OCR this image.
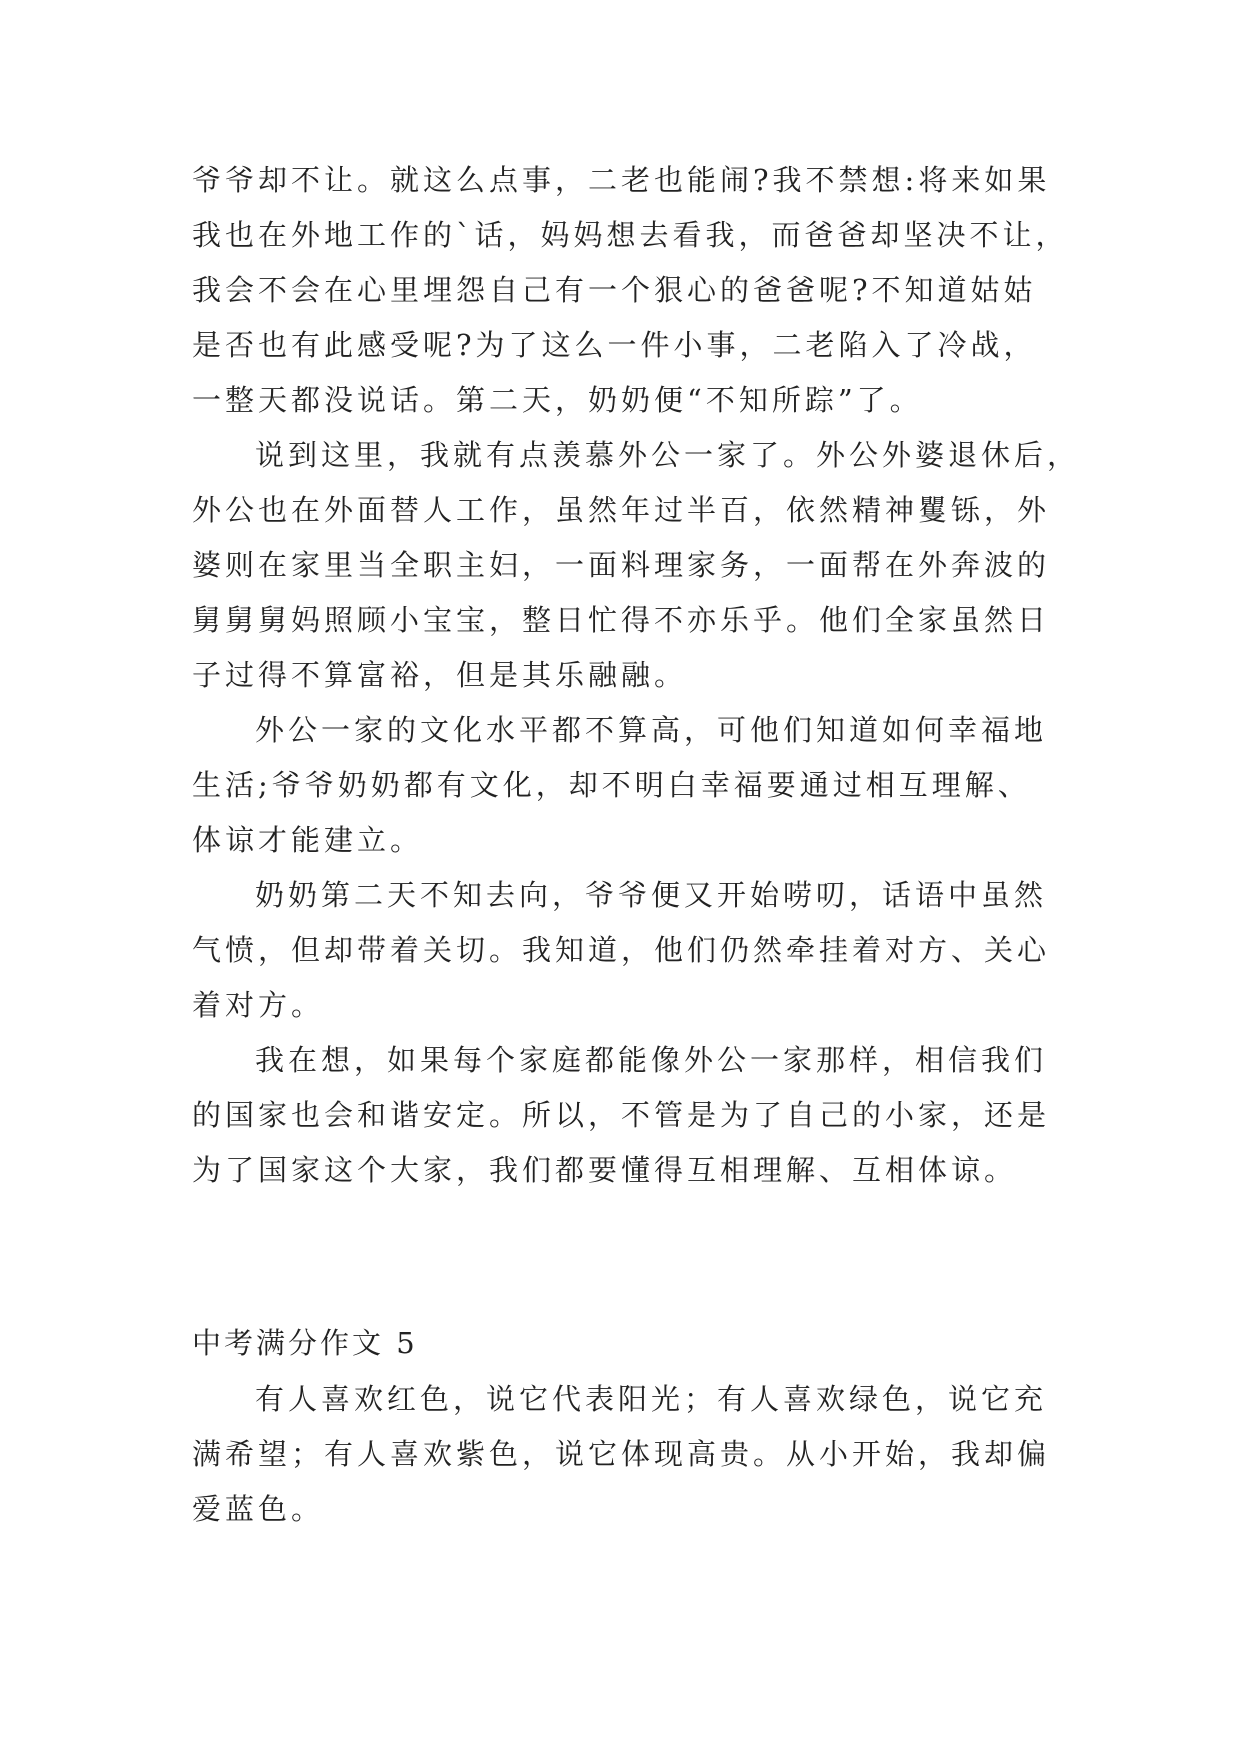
爷爷却不让。就这么点事，二老也能闹?我不禁想:将来如果
我也在外地工作的`话，妈妈想去看我，而爸爸却坚决不让，
我会不会在心里埋怨自己有一个狠心的爸爸呢?不知道姑姑
是否也有此感受呢?为了这么一件小事，二老陷入了冷战，
一整天都没说话。第二天，奶奶便“不知所踪”了。
说到这里，我就有点羡慕外公一家了。外公外婆退休后，
外公也在外面替人工作，虽然年过半百，依然精神矍铄，外
婆则在家里当全职主妇，一面料理家务，一面帮在外奔波的
舅舅舅妈照顾小宝宝，整日忙得不亦乐乎。他们全家虽然日
子过得不算富裕，但是其乐融融。
外公一家的文化水平都不算高，可他们知道如何幸福地
生活;爷爷奶奶都有文化，却不明白幸福要通过相互理解、
体谅才能建立。
奶奶第二天不知去向，爷爷便又开始唠叨，话语中虽然
气愤，但却带着关切。我知道，他们仍然牵挂着对方、关心
着对方。
我在想，如果每个家庭都能像外公一家那样，相信我们
的国家也会和谐安定。所以，不管是为了自己的小家，还是
为了国家这个大家，我们都要懂得互相理解、互相体谅。
中考满分作文 5
有人喜欢红色，说它代表阳光；有人喜欢绿色，说它充
满希望；有人喜欢紫色，说它体现高贵。从小开始，我却偏
爱蓝色。
